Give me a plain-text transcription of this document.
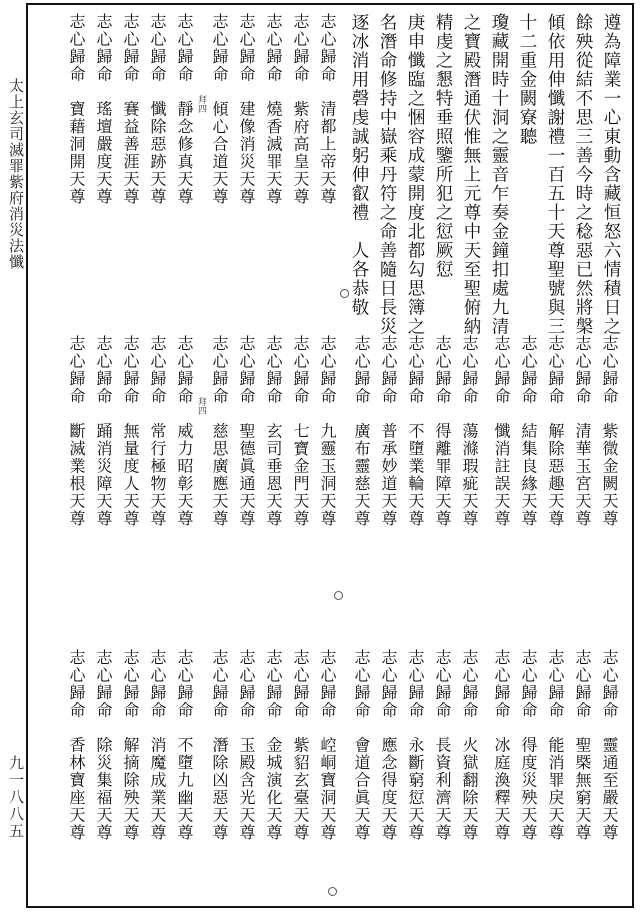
太上玄司滅罪紫府消災法懺
九一八八五
遵為障業一心東動含藏恒怒六情積日之
餘殃從結不思三善今時之稔惡已然將槃
傾依用伸懺謝禮一百五十天尊聖號與三
十二重金闕寮聽
瓊藏開時十洞之靈音乍奏金鐘扣處九清
之寶殿潛通伏惟無上元尊中天至聖俯納
精虔之懇特垂照鑒所犯之愆厥愆
庚申懺臨之悃容成蒙開度北都勾思簿之
名潛命修持中嶽乘丹符之命善隨日長災
逐冰消用磬虔誠躬伸叡禮　人各恭敬
志心歸命　清都上帝天尊
志心歸命　紫府高皇天尊
志心歸命　燒香滅罪天尊
志心歸命　建像消災天尊
志心歸命　傾心合道天尊
志心歸命　靜念修真天尊
志心歸命　懺除惡跡天尊
志心歸命　賽益善涯天尊
志心歸命　瑤壇嚴度天尊
志心歸命　寶藉洞開天尊	拜四
志心歸命　紫微金闕天尊
志心歸命　清華玉宮天尊
志心歸命　解除惡趣天尊
志心歸命　結集良緣天尊
志心歸命　懺消註誤天尊
志心歸命　蕩滌瑕疵天尊
志心歸命　得離罪障天尊
志心歸命　不墮業輪天尊
志心歸命　普承妙道天尊
志心歸命　廣布靈慈天尊
志心歸命　九靈玉洞天尊
志心歸命　七寶金門天尊
志心歸命　玄司垂恩天尊
志心歸命　聖德眞通天尊
志心歸命　慈思廣應天尊
志心歸命　威力昭彰天尊
志心歸命　常行極物天尊
志心歸命　無量度人天尊
志心歸命　踊消災障天尊
志心歸命　斷滅業根天尊	拜四
志心歸命　靈通至嚴天尊
志心歸命　聖槩無窮天尊
志心歸命　能消罪戾天尊
志心歸命　得度災殃天尊
志心歸命　冰庭渙釋天尊
志心歸命　火獄翻除天尊
志心歸命　長資利濟天尊
志心歸命　永斷窮愆天尊
志心歸命　應念得度天尊
志心歸命　會道合眞天尊
志心歸命　崆峒寶洞天尊
志心歸命　紫貂玄臺天尊
志心歸命　金城演化天尊
志心歸命　玉殿含光天尊
志心歸命　潛除凶惡天尊
志心歸命　不墮九幽天尊
志心歸命　消魔成業天尊
志心歸命　解摘除殃天尊
志心歸命　除災集福天尊
志心歸命　香林寶座天尊
